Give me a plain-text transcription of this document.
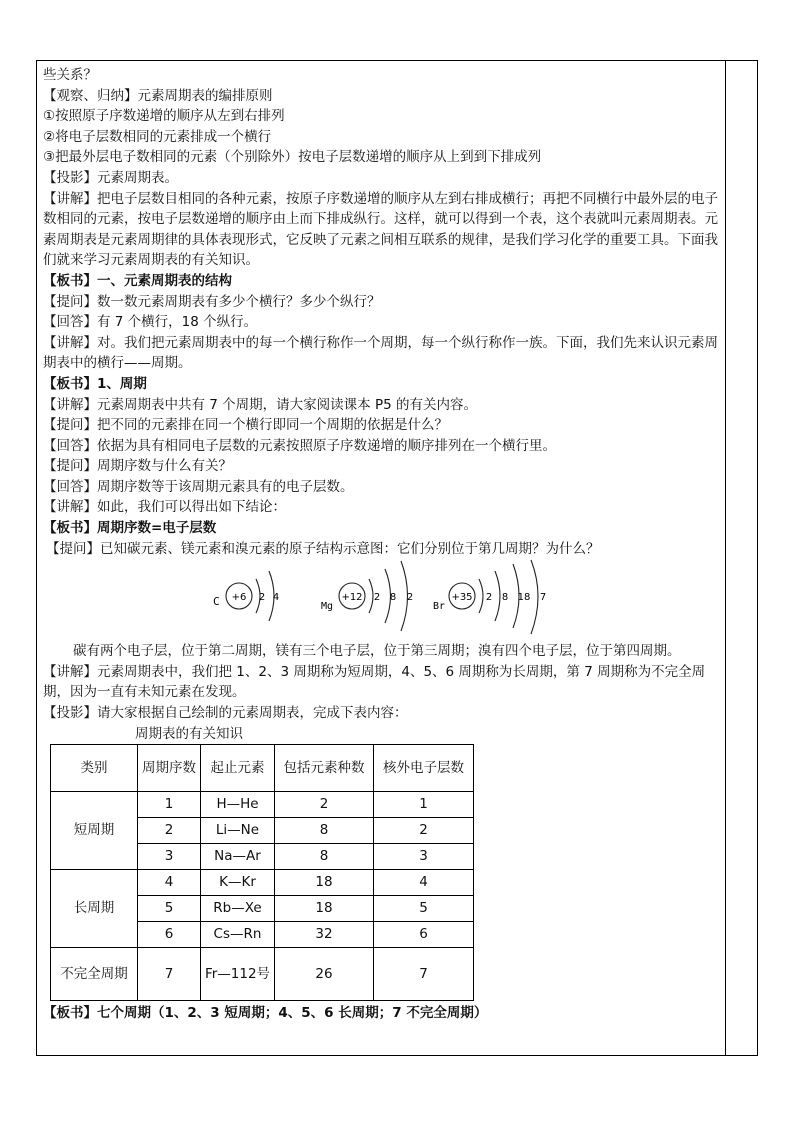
些关系？
【观察、归纳】元素周期表的编排原则
①按照原子序数递增的顺序从左到右排列
②将电子层数相同的元素排成一个横行
③把最外层电子数相同的元素（个别除外）按电子层数递增的顺序从上到到下排成列
【投影】元素周期表。
【讲解】把电子层数目相同的各种元素，按原子序数递增的顺序从左到右排成横行；再把不同横行中最外层的电子数相同的元素，按电子层数递增的顺序由上而下排成纵行。这样，就可以得到一个表，这个表就叫元素周期表。元素周期表是元素周期律的具体表现形式，它反映了元素之间相互联系的规律，是我们学习化学的重要工具。下面我们就来学习元素周期表的有关知识。
【板书】一、元素周期表的结构
【提问】数一数元素周期表有多少个横行？多少个纵行？
【回答】有 7 个横行，18 个纵行。
【讲解】对。我们把元素周期表中的每一个横行称作一个周期，每一个纵行称作一族。下面，我们先来认识元素周期表中的横行——周期。
【板书】1、周期
【讲解】元素周期表中共有 7 个周期，请大家阅读课本 P5 的有关内容。
【提问】把不同的元素排在同一个横行即同一个周期的依据是什么？
【回答】依据为具有相同电子层数的元素按照原子序数递增的顺序排列在一个横行里。
【提问】周期序数与什么有关？
【回答】周期序数等于该周期元素具有的电子层数。
【讲解】如此，我们可以得出如下结论：
【板书】周期序数=电子层数
【提问】已知碳元素、镁元素和溴元素的原子结构示意图：它们分别位于第几周期？为什么？
C +6 2 4
Mg
+12 2 8 2
Br
+35 2 8 18 7
碳有两个电子层，位于第二周期，镁有三个电子层，位于第三周期；溴有四个电子层，位于第四周期。
【讲解】元素周期表中，我们把 1、2、3 周期称为短周期，4、5、6 周期称为长周期，第 7 周期称为不完全周期，因为一直有未知元素在发现。
【投影】请大家根据自己绘制的元素周期表，完成下表内容：
周期表的有关知识
类别	周期序数	起止元素	包括元素种数	核外电子层数
短周期	1	H—He	2	1
	2	Li—Ne	8	2
	3	Na—Ar	8	3
长周期	4	K—Kr	18	4
	5	Rb—Xe	18	5
	6	Cs—Rn	32	6
不完全周期	7	Fr—112号	26	7
【板书】七个周期（1、2、3 短周期；4、5、6 长周期；7 不完全周期）
